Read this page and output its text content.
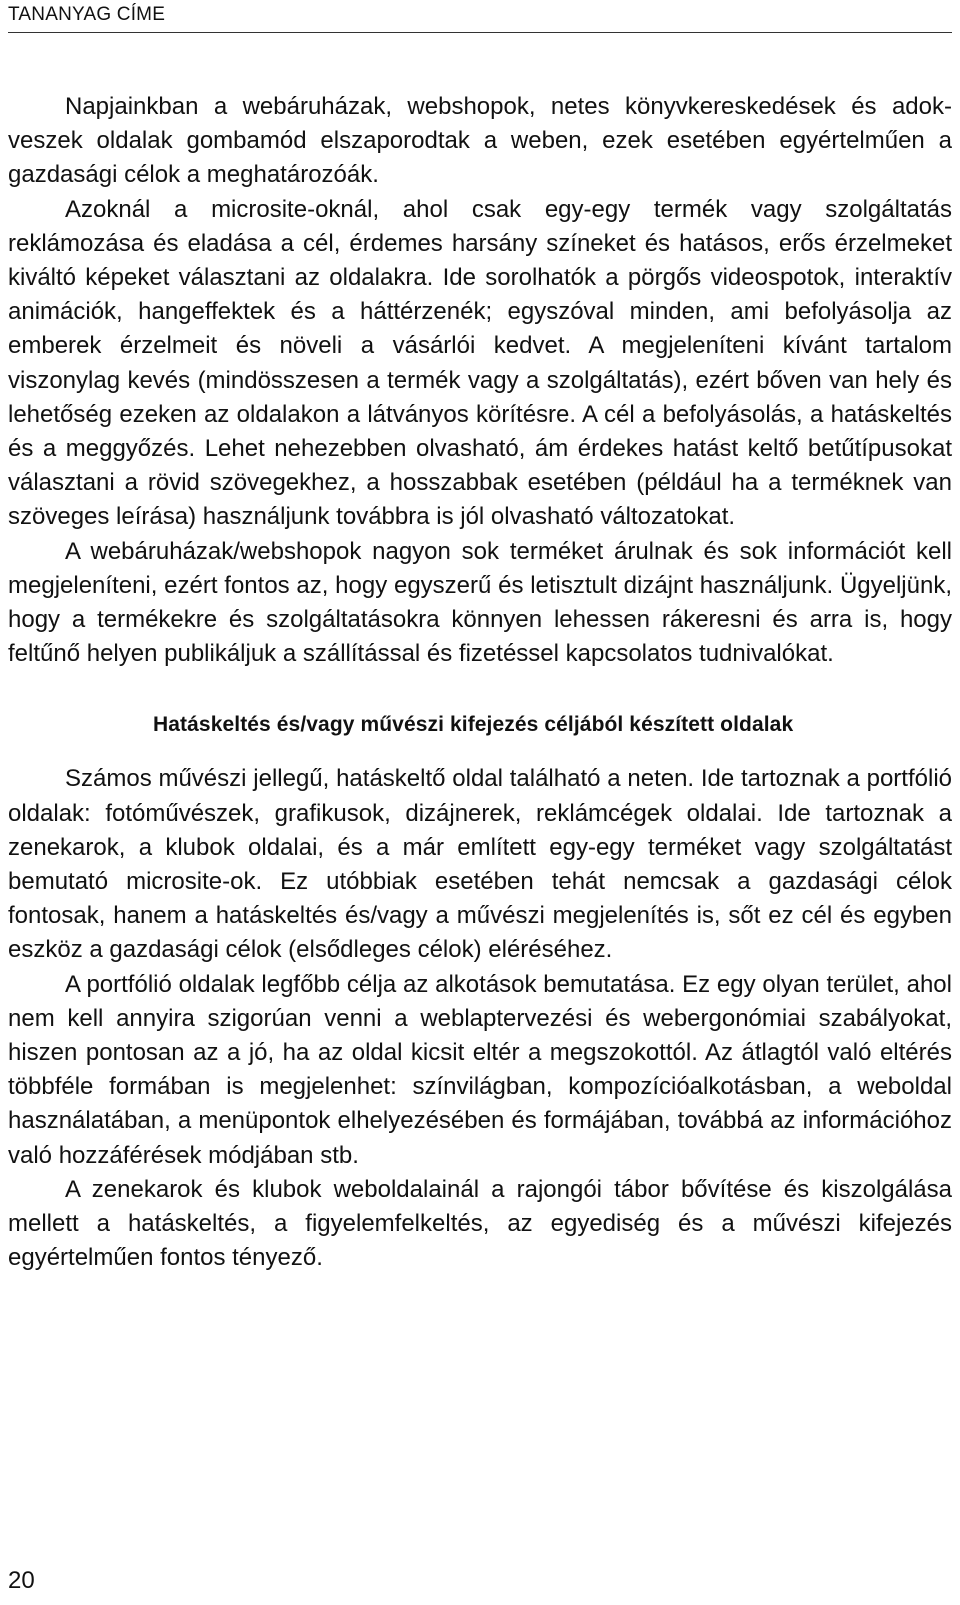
TANANYAG CÍME

Napjainkban a webáruházak, webshopok, netes könyvkereskedések és adok-veszek oldalak gombamód elszaporodtak a weben, ezek esetében egyértelműen a gazdasági célok a meghatározóák.

Azoknál a microsite-oknál, ahol csak egy-egy termék vagy szolgáltatás reklámozása és eladása a cél, érdemes harsány színeket és hatásos, erős érzelmeket kiváltó képeket választani az oldalakra. Ide sorolhatók a pörgős videospotok, interaktív animációk, hangeffektek és a háttérzenék; egyszóval minden, ami befolyásolja az emberek érzelmeit és növeli a vásárlói kedvet. A megjeleníteni kívánt tartalom viszonylag kevés (mindösszesen a termék vagy a szolgáltatás), ezért bőven van hely és lehetőség ezeken az oldalakon a látványos körítésre. A cél a befolyásolás, a hatáskeltés és a meggyőzés. Lehet nehezebben olvasható, ám érdekes hatást keltő betűtípusokat választani a rövid szövegekhez, a hosszabbak esetében (például ha a terméknek van szöveges leírása) használjunk továbbra is jól olvasható változatokat.

A webáruházak/webshopok nagyon sok terméket árulnak és sok információt kell megjeleníteni, ezért fontos az, hogy egyszerű és letisztult dizájnt használjunk. Ügyeljünk, hogy a termékekre és szolgáltatásokra könnyen lehessen rákeresni és arra is, hogy feltűnő helyen publikáljuk a szállítással és fizetéssel kapcsolatos tudnivalókat.

Hatáskeltés és/vagy művészi kifejezés céljából készített oldalak

Számos művészi jellegű, hatáskeltő oldal található a neten. Ide tartoznak a portfólió oldalak: fotóművészek, grafikusok, dizájnerek, reklámcégek oldalai. Ide tartoznak a zenekarok, a klubok oldalai, és a már említett egy-egy terméket vagy szolgáltatást bemutató microsite-ok. Ez utóbbiak esetében tehát nemcsak a gazdasági célok fontosak, hanem a hatáskeltés és/vagy a művészi megjelenítés is, sőt ez cél és egyben eszköz a gazdasági célok (elsődleges célok) eléréséhez.

A portfólió oldalak legfőbb célja az alkotások bemutatása. Ez egy olyan terület, ahol nem kell annyira szigorúan venni a weblaptervezési és webergonómiai szabályokat, hiszen pontosan az a jó, ha az oldal kicsit eltér a megszokottól. Az átlagtól való eltérés többféle formában is megjelenhet: színvilágban, kompozícióalkotásban, a weboldal használatában, a menüpontok elhelyezésében és formájában, továbbá az információhoz való hozzáférések módjában stb.

A zenekarok és klubok weboldalainál a rajongói tábor bővítése és kiszolgálása mellett a hatáskeltés, a figyelemfelkeltés, az egyediség és a művészi kifejezés egyértelműen fontos tényező.

20
